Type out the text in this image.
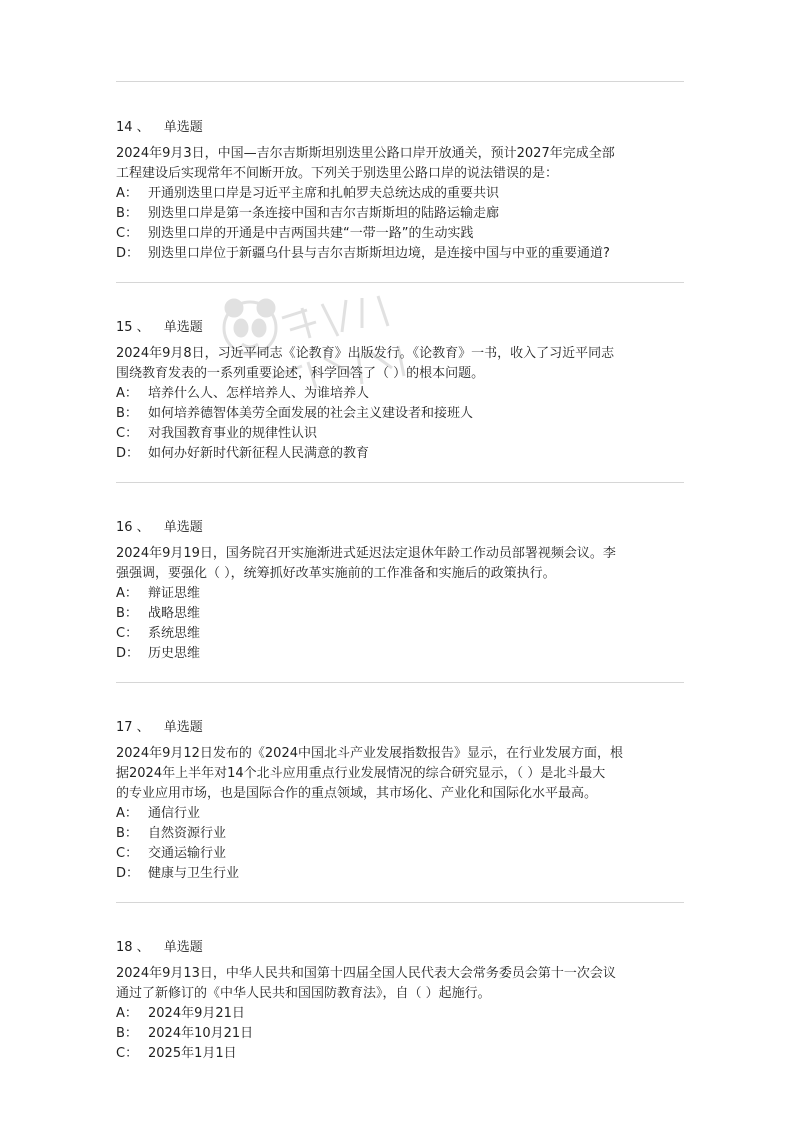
14 、 单选题
2024年9月3日，中国—吉尔吉斯斯坦别迭里公路口岸开放通关，预计2027年完成全部
工程建设后实现常年不间断开放。下列关于别迭里公路口岸的说法错误的是：
A： 开通别迭里口岸是习近平主席和扎帕罗夫总统达成的重要共识
B： 别迭里口岸是第一条连接中国和吉尔吉斯斯坦的陆路运输走廊
C： 别迭里口岸的开通是中吉两国共建“一带一路”的生动实践
D： 别迭里口岸位于新疆乌什县与吉尔吉斯斯坦边境，是连接中国与中亚的重要通道?
15 、 单选题
2024年9月8日，习近平同志《论教育》出版发行。《论教育》一书，收入了习近平同志
围绕教育发表的一系列重要论述，科学回答了（ ）的根本问题。
A： 培养什么人、怎样培养人、为谁培养人
B： 如何培养德智体美劳全面发展的社会主义建设者和接班人
C： 对我国教育事业的规律性认识
D： 如何办好新时代新征程人民满意的教育
16 、 单选题
2024年9月19日，国务院召开实施渐进式延迟法定退休年龄工作动员部署视频会议。李
强强调，要强化（ ），统筹抓好改革实施前的工作准备和实施后的政策执行。
A： 辩证思维
B： 战略思维
C： 系统思维
D： 历史思维
17 、 单选题
2024年9月12日发布的《2024中国北斗产业发展指数报告》显示，在行业发展方面，根
据2024年上半年对14个北斗应用重点行业发展情况的综合研究显示，（ ）是北斗最大
的专业应用市场，也是国际合作的重点领域，其市场化、产业化和国际化水平最高。
A： 通信行业
B： 自然资源行业
C： 交通运输行业
D： 健康与卫生行业
18 、 单选题
2024年9月13日，中华人民共和国第十四届全国人民代表大会常务委员会第十一次会议
通过了新修订的《中华人民共和国国防教育法》，自（ ）起施行。
A： 2024年9月21日
B： 2024年10月21日
C： 2025年1月1日
